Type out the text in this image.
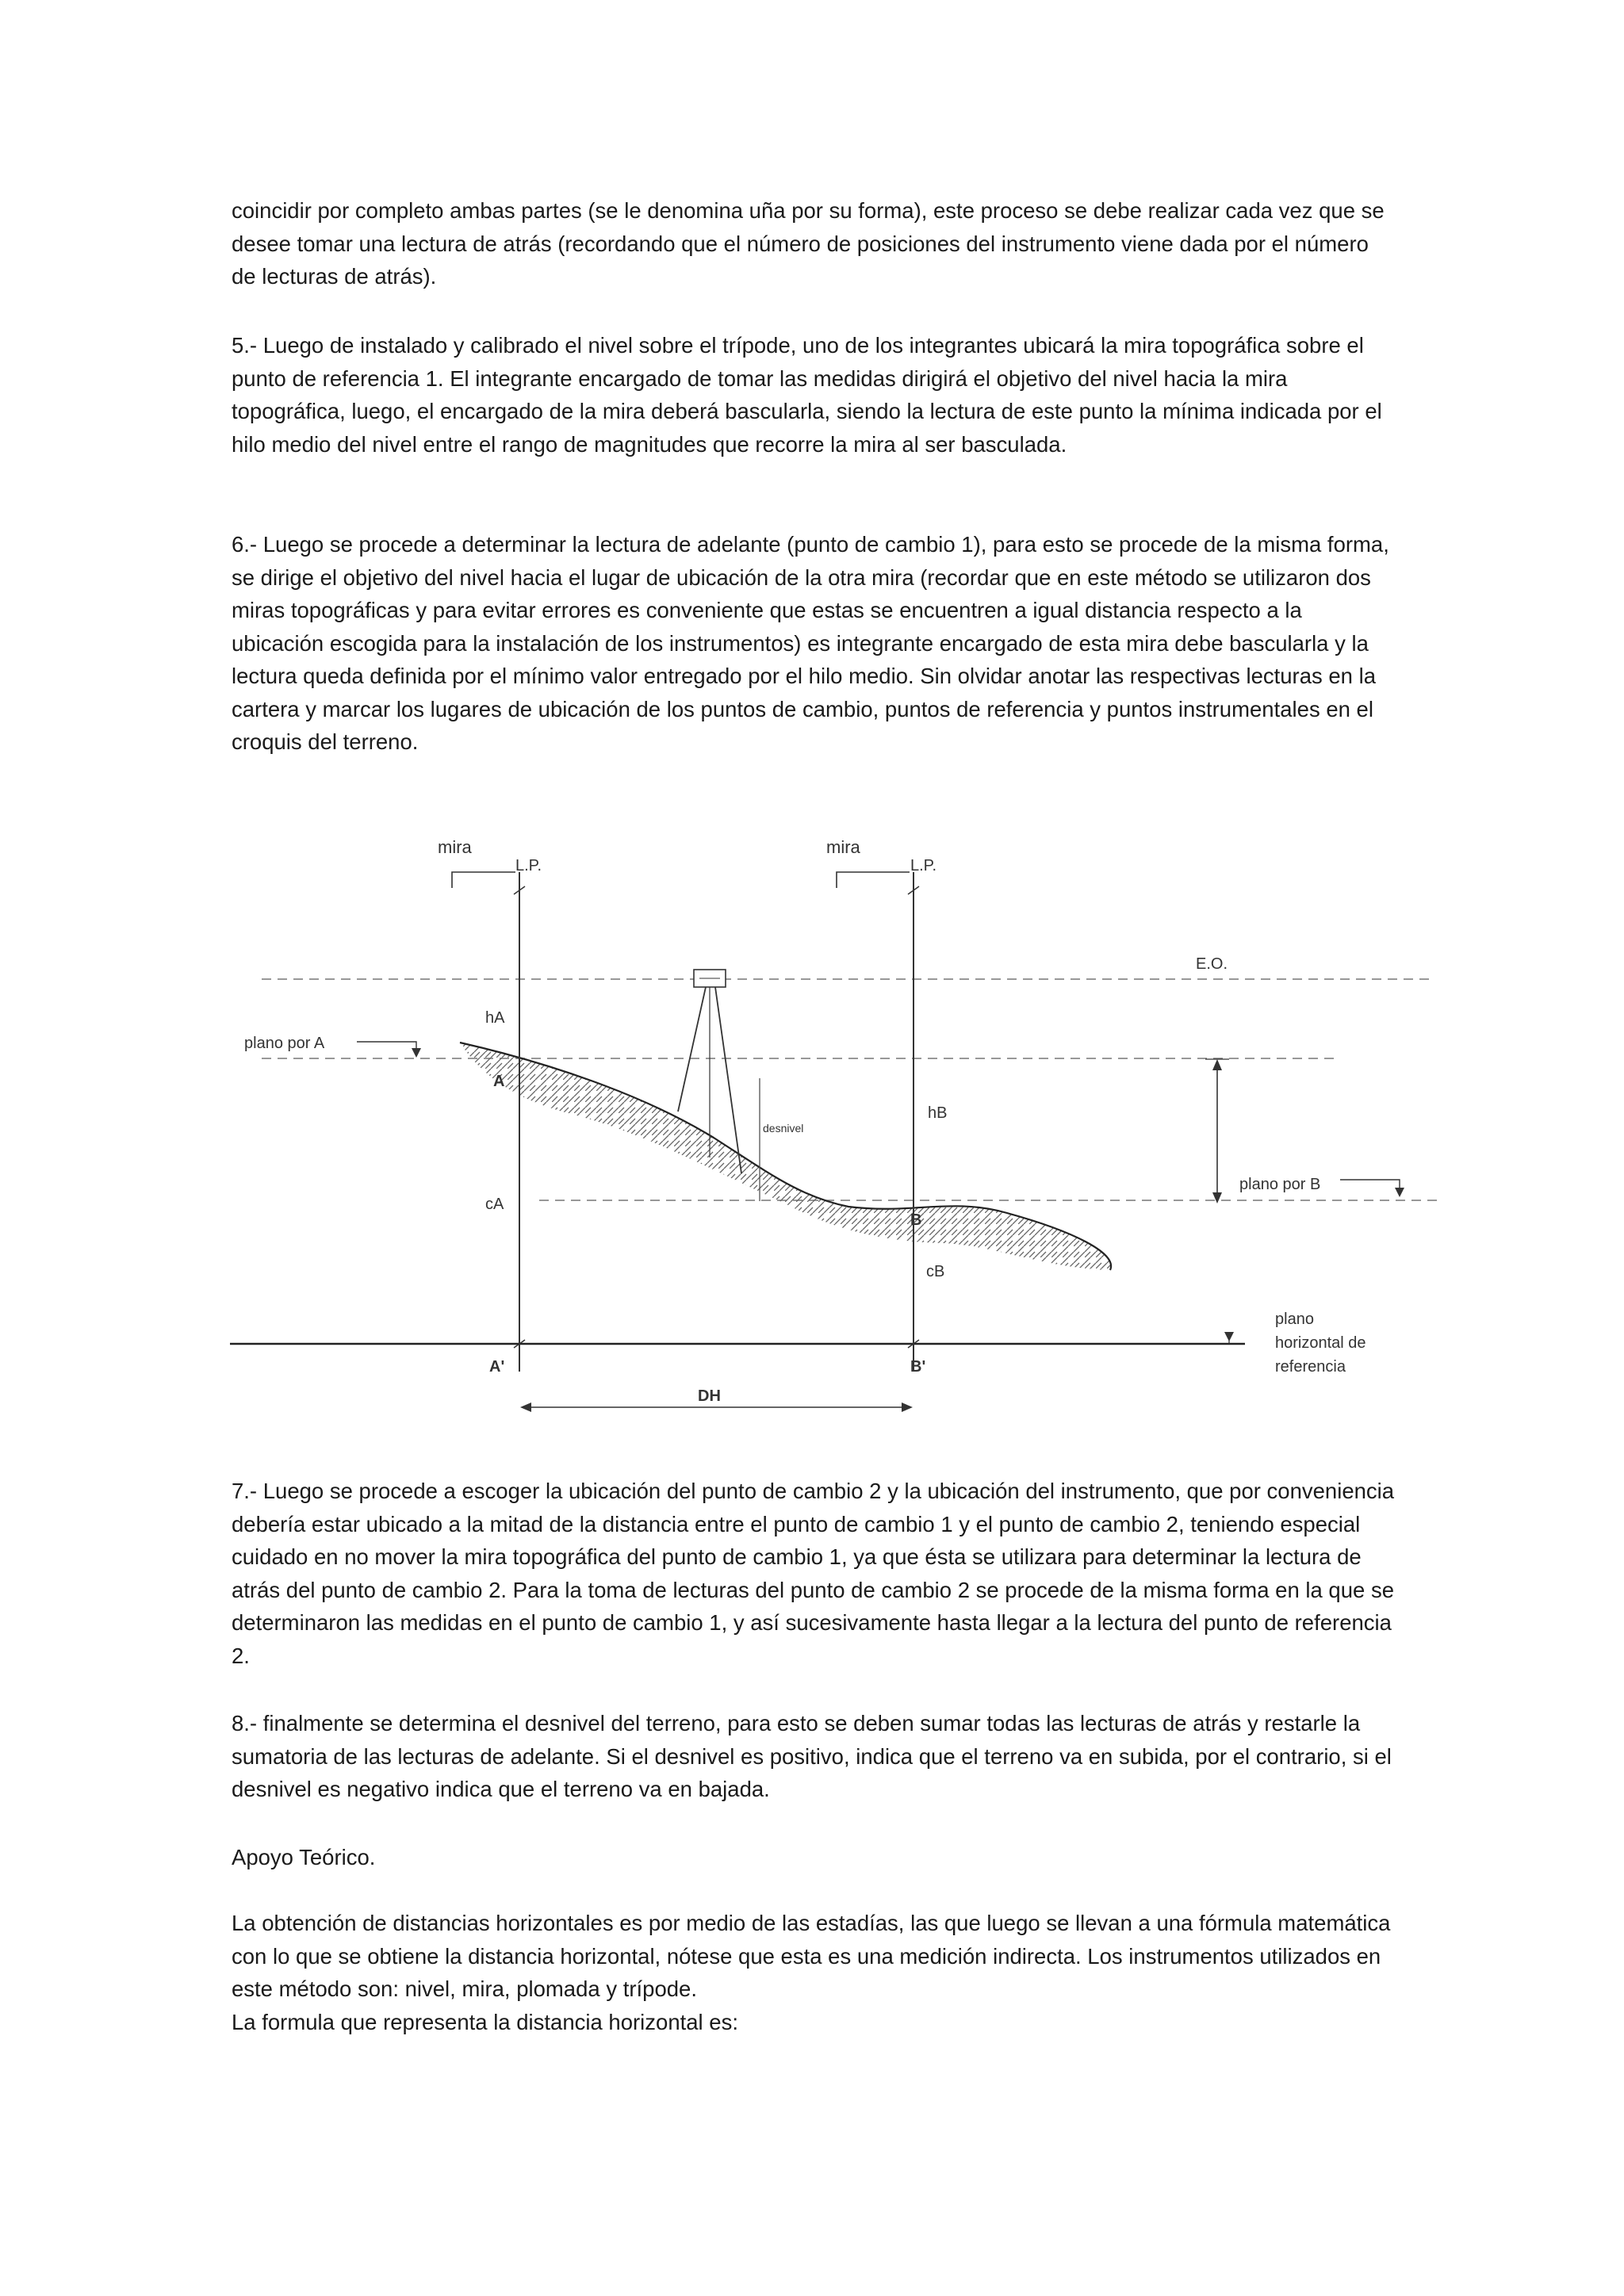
coincidir por completo ambas partes (se le denomina uña por su forma), este proceso se debe realizar cada vez que se desee tomar una lectura de atrás (recordando que el número de posiciones del instrumento viene dada por el número de lecturas de atrás).

5.- Luego de instalado y calibrado el nivel sobre el trípode, uno de los integrantes ubicará la mira topográfica sobre el punto de referencia 1. El integrante encargado de tomar las medidas dirigirá el objetivo del nivel hacia la mira topográfica, luego, el encargado de la mira deberá bascularla, siendo la lectura de este punto la mínima indicada por el hilo medio del nivel entre el rango de magnitudes que recorre la mira al ser basculada.

6.- Luego se procede a determinar la lectura de adelante (punto de cambio 1), para esto se procede de la misma forma, se dirige el objetivo del nivel hacia el lugar de ubicación de la otra mira (recordar que en este método se utilizaron dos miras topográficas y para evitar errores es conveniente que estas se encuentren a igual distancia respecto a la ubicación escogida para la instalación de los instrumentos) es integrante encargado de esta mira debe bascularla y la lectura queda definida por el mínimo valor entregado por el hilo medio. Sin olvidar anotar las respectivas lecturas en la cartera y marcar los lugares de ubicación de los puntos de cambio, puntos de referencia y puntos instrumentales en el croquis del terreno.

mira
L.P.
mira
L.P.
desnivel
hB
plano por B
plano por A
E.O.
hA
A
cA
A'
B
cB
B'
DH
plano
horizontal de
referencia

7.- Luego se procede a escoger la ubicación del punto de cambio 2 y la ubicación del instrumento, que por conveniencia debería estar ubicado a la mitad de la distancia entre el punto de cambio 1 y el punto de cambio 2, teniendo especial cuidado en no mover la mira topográfica del punto de cambio 1, ya que ésta se utilizara para determinar la lectura de atrás del punto de cambio 2. Para la toma de lecturas del punto de cambio 2 se procede de la misma forma en la que se determinaron las medidas en el punto de cambio 1, y así sucesivamente hasta llegar a la lectura del punto de referencia 2.

8.- finalmente se determina el desnivel del terreno, para esto se deben sumar todas las lecturas de atrás y restarle la sumatoria de las lecturas de adelante. Si el desnivel es positivo, indica que el terreno va en subida, por el contrario, si el desnivel es negativo indica que el terreno va en bajada.

Apoyo Teórico.

La obtención de distancias horizontales es por medio de las estadías, las que luego se llevan a una fórmula matemática con lo que se obtiene la distancia horizontal, nótese que esta es una medición indirecta. Los instrumentos utilizados en este método son: nivel, mira, plomada y trípode.
La formula que representa la distancia horizontal es:
